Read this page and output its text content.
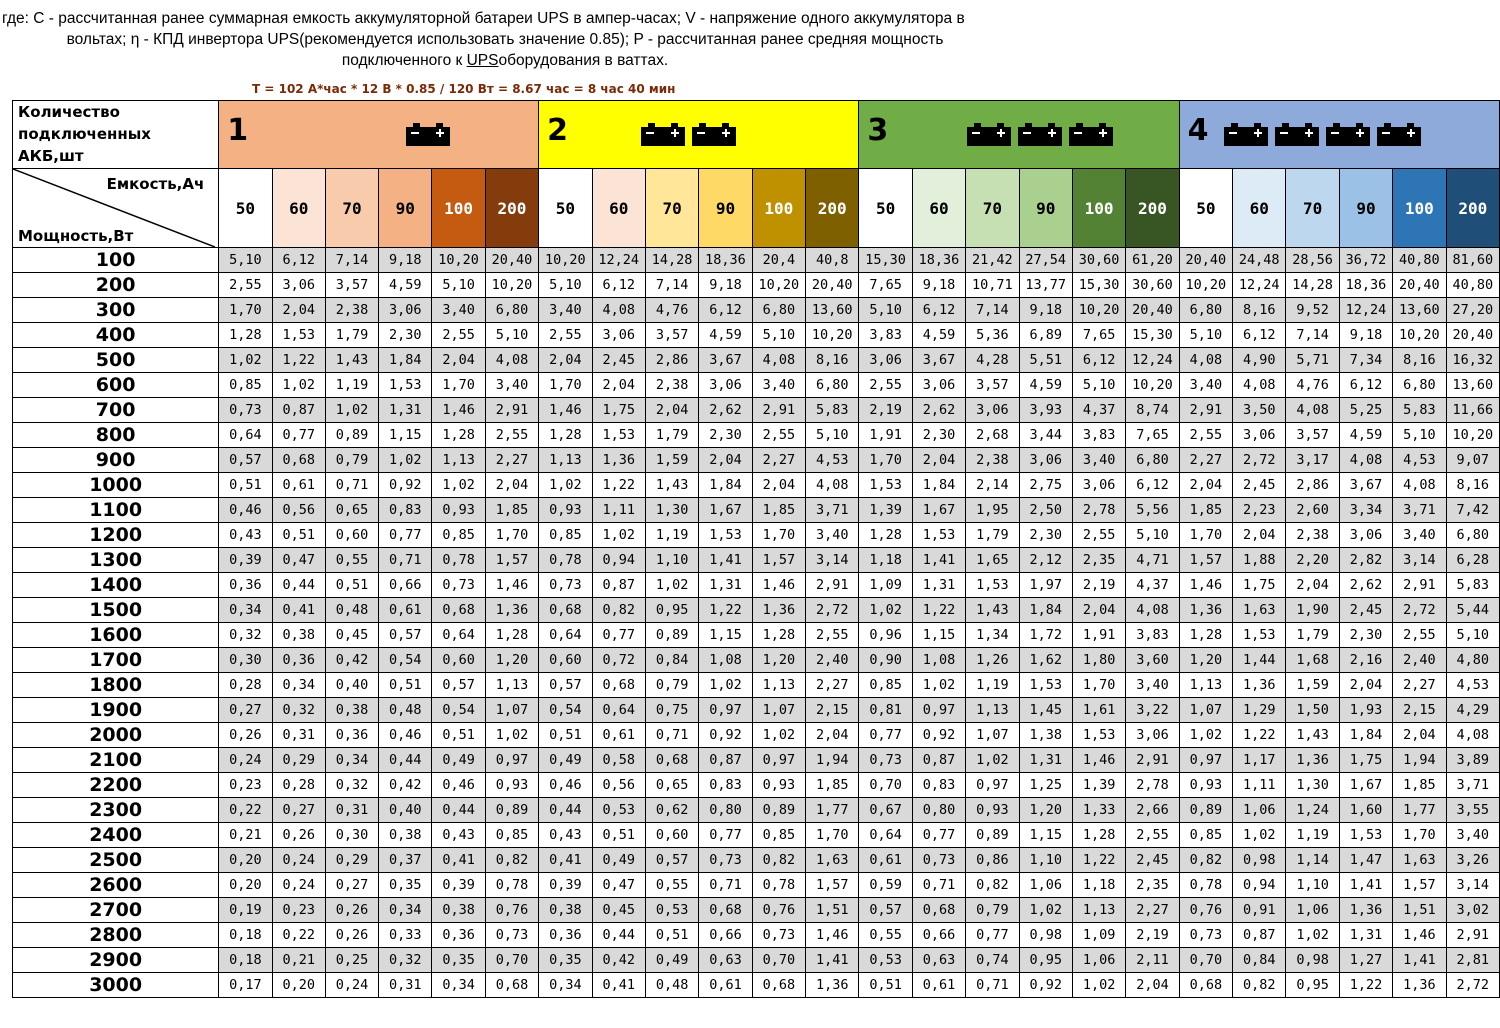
где: C - рассчитанная ранее суммарная емкость аккумуляторной батареи UPS в ампер-часах; V - напряжение одного аккумулятора в
вольтах; η - КПД инвертора UPS(рекомендуется использовать значение 0.85); P - рассчитанная ранее средняя мощность
подключенного к UPSоборудования в ваттах.
T = 102 А*час * 12 В * 0.85 / 120 Вт = 8.67 час = 8 час 40 мин
Количество
подключенных
АКБ,шт	1						2						3						4					

Емкость,Ач
Мощность,Вт	50	60	70	90	100	200	50	60	70	90	100	200	50	60	70	90	100	200	50	60	70	90	100	200
100	5,10	6,12	7,14	9,18	10,20	20,40	10,20	12,24	14,28	18,36	20,4	40,8	15,30	18,36	21,42	27,54	30,60	61,20	20,40	24,48	28,56	36,72	40,80	81,60
200	2,55	3,06	3,57	4,59	5,10	10,20	5,10	6,12	7,14	9,18	10,20	20,40	7,65	9,18	10,71	13,77	15,30	30,60	10,20	12,24	14,28	18,36	20,40	40,80
300	1,70	2,04	2,38	3,06	3,40	6,80	3,40	4,08	4,76	6,12	6,80	13,60	5,10	6,12	7,14	9,18	10,20	20,40	6,80	8,16	9,52	12,24	13,60	27,20
400	1,28	1,53	1,79	2,30	2,55	5,10	2,55	3,06	3,57	4,59	5,10	10,20	3,83	4,59	5,36	6,89	7,65	15,30	5,10	6,12	7,14	9,18	10,20	20,40
500	1,02	1,22	1,43	1,84	2,04	4,08	2,04	2,45	2,86	3,67	4,08	8,16	3,06	3,67	4,28	5,51	6,12	12,24	4,08	4,90	5,71	7,34	8,16	16,32
600	0,85	1,02	1,19	1,53	1,70	3,40	1,70	2,04	2,38	3,06	3,40	6,80	2,55	3,06	3,57	4,59	5,10	10,20	3,40	4,08	4,76	6,12	6,80	13,60
700	0,73	0,87	1,02	1,31	1,46	2,91	1,46	1,75	2,04	2,62	2,91	5,83	2,19	2,62	3,06	3,93	4,37	8,74	2,91	3,50	4,08	5,25	5,83	11,66
800	0,64	0,77	0,89	1,15	1,28	2,55	1,28	1,53	1,79	2,30	2,55	5,10	1,91	2,30	2,68	3,44	3,83	7,65	2,55	3,06	3,57	4,59	5,10	10,20
900	0,57	0,68	0,79	1,02	1,13	2,27	1,13	1,36	1,59	2,04	2,27	4,53	1,70	2,04	2,38	3,06	3,40	6,80	2,27	2,72	3,17	4,08	4,53	9,07
1000	0,51	0,61	0,71	0,92	1,02	2,04	1,02	1,22	1,43	1,84	2,04	4,08	1,53	1,84	2,14	2,75	3,06	6,12	2,04	2,45	2,86	3,67	4,08	8,16
1100	0,46	0,56	0,65	0,83	0,93	1,85	0,93	1,11	1,30	1,67	1,85	3,71	1,39	1,67	1,95	2,50	2,78	5,56	1,85	2,23	2,60	3,34	3,71	7,42
1200	0,43	0,51	0,60	0,77	0,85	1,70	0,85	1,02	1,19	1,53	1,70	3,40	1,28	1,53	1,79	2,30	2,55	5,10	1,70	2,04	2,38	3,06	3,40	6,80
1300	0,39	0,47	0,55	0,71	0,78	1,57	0,78	0,94	1,10	1,41	1,57	3,14	1,18	1,41	1,65	2,12	2,35	4,71	1,57	1,88	2,20	2,82	3,14	6,28
1400	0,36	0,44	0,51	0,66	0,73	1,46	0,73	0,87	1,02	1,31	1,46	2,91	1,09	1,31	1,53	1,97	2,19	4,37	1,46	1,75	2,04	2,62	2,91	5,83
1500	0,34	0,41	0,48	0,61	0,68	1,36	0,68	0,82	0,95	1,22	1,36	2,72	1,02	1,22	1,43	1,84	2,04	4,08	1,36	1,63	1,90	2,45	2,72	5,44
1600	0,32	0,38	0,45	0,57	0,64	1,28	0,64	0,77	0,89	1,15	1,28	2,55	0,96	1,15	1,34	1,72	1,91	3,83	1,28	1,53	1,79	2,30	2,55	5,10
1700	0,30	0,36	0,42	0,54	0,60	1,20	0,60	0,72	0,84	1,08	1,20	2,40	0,90	1,08	1,26	1,62	1,80	3,60	1,20	1,44	1,68	2,16	2,40	4,80
1800	0,28	0,34	0,40	0,51	0,57	1,13	0,57	0,68	0,79	1,02	1,13	2,27	0,85	1,02	1,19	1,53	1,70	3,40	1,13	1,36	1,59	2,04	2,27	4,53
1900	0,27	0,32	0,38	0,48	0,54	1,07	0,54	0,64	0,75	0,97	1,07	2,15	0,81	0,97	1,13	1,45	1,61	3,22	1,07	1,29	1,50	1,93	2,15	4,29
2000	0,26	0,31	0,36	0,46	0,51	1,02	0,51	0,61	0,71	0,92	1,02	2,04	0,77	0,92	1,07	1,38	1,53	3,06	1,02	1,22	1,43	1,84	2,04	4,08
2100	0,24	0,29	0,34	0,44	0,49	0,97	0,49	0,58	0,68	0,87	0,97	1,94	0,73	0,87	1,02	1,31	1,46	2,91	0,97	1,17	1,36	1,75	1,94	3,89
2200	0,23	0,28	0,32	0,42	0,46	0,93	0,46	0,56	0,65	0,83	0,93	1,85	0,70	0,83	0,97	1,25	1,39	2,78	0,93	1,11	1,30	1,67	1,85	3,71
2300	0,22	0,27	0,31	0,40	0,44	0,89	0,44	0,53	0,62	0,80	0,89	1,77	0,67	0,80	0,93	1,20	1,33	2,66	0,89	1,06	1,24	1,60	1,77	3,55
2400	0,21	0,26	0,30	0,38	0,43	0,85	0,43	0,51	0,60	0,77	0,85	1,70	0,64	0,77	0,89	1,15	1,28	2,55	0,85	1,02	1,19	1,53	1,70	3,40
2500	0,20	0,24	0,29	0,37	0,41	0,82	0,41	0,49	0,57	0,73	0,82	1,63	0,61	0,73	0,86	1,10	1,22	2,45	0,82	0,98	1,14	1,47	1,63	3,26
2600	0,20	0,24	0,27	0,35	0,39	0,78	0,39	0,47	0,55	0,71	0,78	1,57	0,59	0,71	0,82	1,06	1,18	2,35	0,78	0,94	1,10	1,41	1,57	3,14
2700	0,19	0,23	0,26	0,34	0,38	0,76	0,38	0,45	0,53	0,68	0,76	1,51	0,57	0,68	0,79	1,02	1,13	2,27	0,76	0,91	1,06	1,36	1,51	3,02
2800	0,18	0,22	0,26	0,33	0,36	0,73	0,36	0,44	0,51	0,66	0,73	1,46	0,55	0,66	0,77	0,98	1,09	2,19	0,73	0,87	1,02	1,31	1,46	2,91
2900	0,18	0,21	0,25	0,32	0,35	0,70	0,35	0,42	0,49	0,63	0,70	1,41	0,53	0,63	0,74	0,95	1,06	2,11	0,70	0,84	0,98	1,27	1,41	2,81
3000	0,17	0,20	0,24	0,31	0,34	0,68	0,34	0,41	0,48	0,61	0,68	1,36	0,51	0,61	0,71	0,92	1,02	2,04	0,68	0,82	0,95	1,22	1,36	2,72
